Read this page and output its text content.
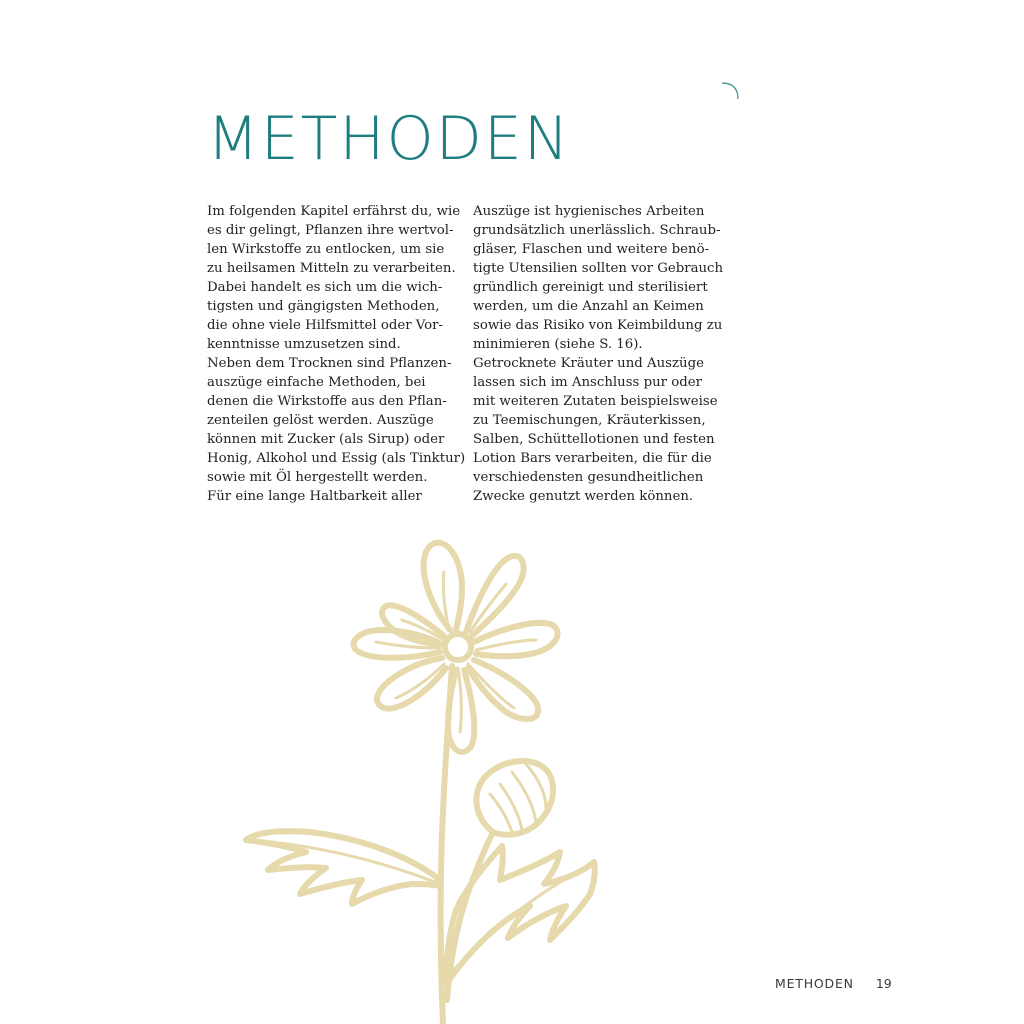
METHODEN
Im folgenden Kapitel erfährst du, wie
es dir gelingt, Pflanzen ihre wertvol-
len Wirkstoffe zu entlocken, um sie
zu heilsamen Mitteln zu verarbeiten.
Dabei handelt es sich um die wich-
tigsten und gängigsten Methoden,
die ohne viele Hilfsmittel oder Vor-
kenntnisse umzusetzen sind.
Neben dem Trocknen sind Pflanzen-
auszüge einfache Methoden, bei
denen die Wirkstoffe aus den Pflan-
zenteilen gelöst werden. Auszüge
können mit Zucker (als Sirup) oder
Honig, Alkohol und Essig (als Tinktur)
sowie mit Öl hergestellt werden.
Für eine lange Haltbarkeit aller
Auszüge ist hygienisches Arbeiten
grundsätzlich unerlässlich. Schraub-
gläser, Flaschen und weitere benö-
tigte Utensilien sollten vor Gebrauch
gründlich gereinigt und sterilisiert
werden, um die Anzahl an Keimen
sowie das Risiko von Keimbildung zu
minimieren (siehe S. 16).
Getrocknete Kräuter und Auszüge
lassen sich im Anschluss pur oder
mit weiteren Zutaten beispielsweise
zu Teemischungen, Kräuterkissen,
Salben, Schüttellotionen und festen
Lotion Bars verarbeiten, die für die
verschiedensten gesundheitlichen
Zwecke genutzt werden können.
METHODEN 19
